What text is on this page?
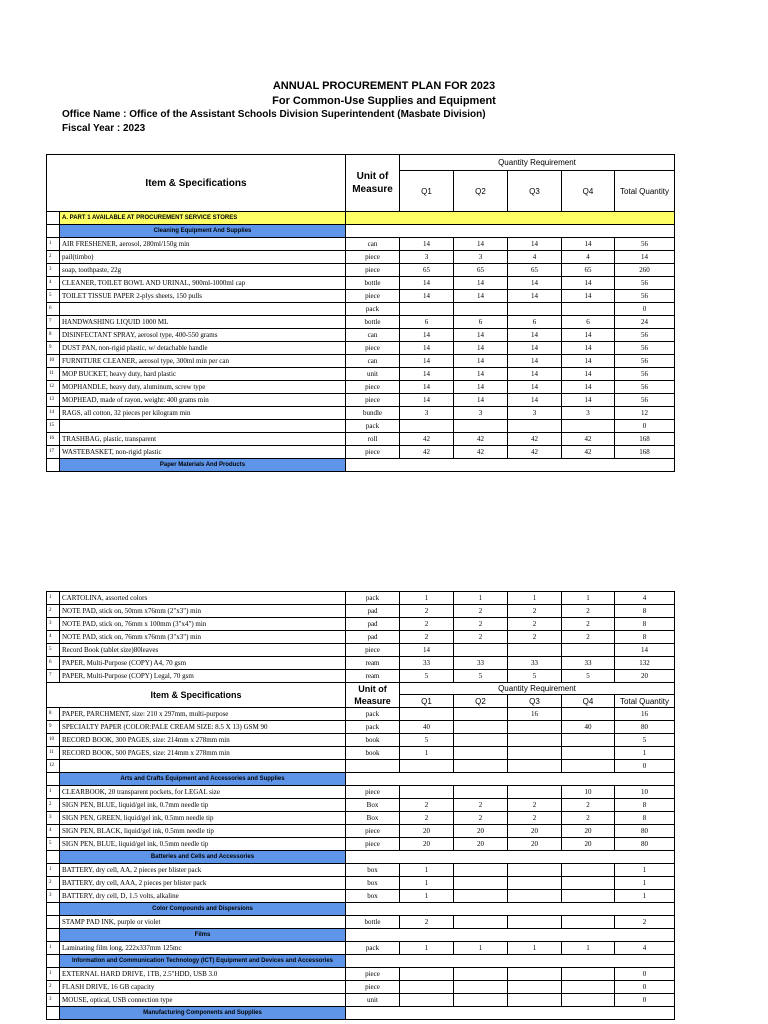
ANNUAL PROCUREMENT PLAN FOR 2023
For Common-Use Supplies and Equipment
Office Name : Office of the Assistant Schools Division Superintendent (Masbate Division)
Fiscal Year : 2023
Item & Specifications		Unit of Measure	Quantity Requirement				
			Q1	Q2	Q3	Q4	Total Quantity
	A. PART 1 AVAILABLE AT PROCUREMENT SERVICE STORES						
	Cleaning Equipment And Supplies						
1	AIR FRESHENER, aerosol, 280ml/150g min	can	14	14	14	14	56
2	pail(timbo)	piece	3	3	4	4	14
3	soap, toothpaste, 22g	piece	65	65	65	65	260
4	CLEANER, TOILET BOWL AND URINAL, 900ml-1000ml cap	bottle	14	14	14	14	56
5	TOILET TISSUE PAPER 2-plys sheets, 150 pulls	piece	14	14	14	14	56
6		pack					0
7	HANDWASHING LIQUID 1000 ML	bottle	6	6	6	6	24
8	DISINFECTANT SPRAY, aerosol type, 400-550 grams	can	14	14	14	14	56
9	DUST PAN, non-rigid plastic, w/ detachable handle	piece	14	14	14	14	56
10	FURNITURE CLEANER, aerosol type, 300ml min per can	can	14	14	14	14	56
11	MOP BUCKET, heavy duty, hard plastic	unit	14	14	14	14	56
12	MOPHANDLE, heavy duty, aluminum, screw type	piece	14	14	14	14	56
13	MOPHEAD, made of rayon, weight: 400 grams min	piece	14	14	14	14	56
14	RAGS, all cotton, 32 pieces per kilogram min	bundle	3	3	3	3	12
15		pack					0
16	TRASHBAG, plastic, transparent	roll	42	42	42	42	168
17	WASTEBASKET, non-rigid plastic	piece	42	42	42	42	168
	Paper Materials And Products						
1	CARTOLINA, assorted colors	pack	1	1	1	1	4
2	NOTE PAD, stick on, 50mm x76mm (2"x3") min	pad	2	2	2	2	8
3	NOTE PAD, stick on, 76mm x 100mm (3"x4") min	pad	2	2	2	2	8
4	NOTE PAD, stick on, 76mm x76mm (3"x3") min	pad	2	2	2	2	8
5	Record Book (tablet size)80leaves	piece	14				14
6	PAPER, Multi-Purpose (COPY) A4, 70 gsm	ream	33	33	33	33	132
7	PAPER, Multi-Purpose (COPY) Legal, 70 gsm	ream	5	5	5	5	20
Item & Specifications		Unit of Measure	Quantity Requirement				
			Q1	Q2	Q3	Q4	Total Quantity
8	PAPER, PARCHMENT, size: 210 x 297mm, multi-purpose	pack			16		16
9	SPECIALTY PAPER (COLOR:PALE CREAM SIZE: 8.5 X 13) GSM 90	pack	40			40	80
10	RECORD BOOK, 300 PAGES, size: 214mm x 278mm min	book	5				5
11	RECORD BOOK, 500 PAGES, size: 214mm x 278mm min	book	1				1
12							0
	Arts and Crafts Equipment and Accessories and Supplies						
1	CLEARBOOK, 20 transparent pockets, for LEGAL size	piece				10	10
2	SIGN PEN, BLUE, liquid/gel ink, 0.7mm needle tip	Box	2	2	2	2	8
3	SIGN PEN, GREEN, liquid/gel ink, 0.5mm needle tip	Box	2	2	2	2	8
4	SIGN PEN, BLACK, liquid/gel ink, 0.5mm needle tip	piece	20	20	20	20	80
5	SIGN PEN, BLUE, liquid/gel ink, 0.5mm needle tip	piece	20	20	20	20	80
	Batteries and Cells and Accessories						
1	BATTERY, dry cell, AA, 2 pieces per blister pack	box	1				1
2	BATTERY, dry cell, AAA, 2 pieces per blister pack	box	1				1
3	BATTERY, dry cell, D, 1.5 volts, alkaline	box	1				1
	Color Compounds and Dispersions						
	STAMP PAD INK, purple or violet	bottle	2				2
	Films						
1	Laminating film long, 222x337mm 125mc	pack	1	1	1	1	4
	Information and Communication Technology (ICT) Equipment and Devices and Accessories						
1	EXTERNAL HARD DRIVE, 1TB, 2.5"HDD, USB 3.0	piece					0
2	FLASH DRIVE, 16 GB capacity	piece					0
3	MOUSE, optical, USB connection type	unit					0
	Manufacturing Components and Supplies						
